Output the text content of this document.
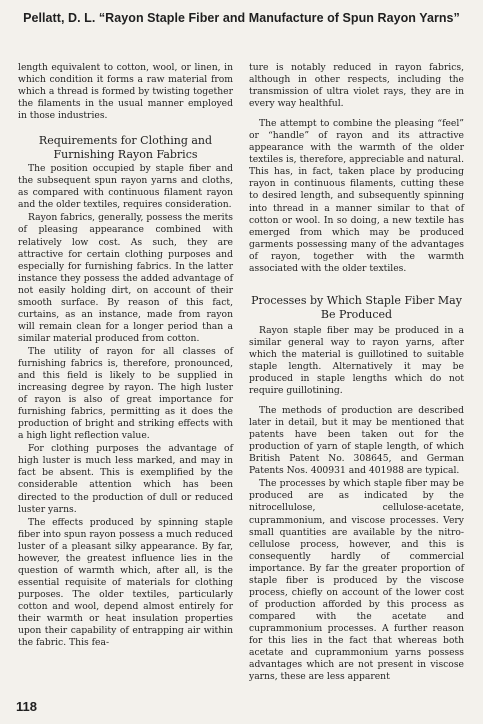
Pellatt, D. L. “Rayon Staple Fiber and Manufacture of Spun Rayon Yarns”

length equivalent to cotton, wool, or linen, in which condition it forms a raw material from which a thread is formed by twisting together the filaments in the usual manner employed in those industries.

Requirements for Clothing and Furnishing Rayon Fabrics

The position occupied by staple fiber and the subsequent spun rayon yarns and cloths, as compared with continuous filament rayon and the older textiles, requires consideration.

Rayon fabrics, generally, possess the merits of pleasing appearance combined with relatively low cost. As such, they are attractive for certain clothing purposes and especially for furnishing fabrics. In the latter instance they possess the added advantage of not easily holding dirt, on account of their smooth surface. By reason of this fact, curtains, as an instance, made from rayon will remain clean for a longer period than a similar material produced from cotton.

The utility of rayon for all classes of furnishing fabrics is, therefore, pronounced, and this field is likely to be supplied in increasing degree by rayon. The high luster of rayon is also of great importance for furnishing fabrics, permitting as it does the production of bright and striking effects with a high light reflection value.

For clothing purposes the advantage of high luster is much less marked, and may in fact be absent. This is exemplified by the considerable attention which has been directed to the production of dull or reduced luster yarns.

The effects produced by spinning staple fiber into spun rayon possess a much reduced luster of a pleasant silky appearance. By far, however, the greatest influence lies in the question of warmth which, after all, is the essential requisite of materials for clothing purposes. The older textiles, particularly cotton and wool, depend almost entirely for their warmth or heat insulation properties upon their capability of entrapping air within the fabric. This fea-

ture is notably reduced in rayon fabrics, although in other respects, including the transmission of ultra violet rays, they are in every way healthful.

The attempt to combine the pleasing “feel” or “handle” of rayon and its attractive appearance with the warmth of the older textiles is, therefore, appreciable and natural. This has, in fact, taken place by producing rayon in continuous filaments, cutting these to desired length, and subsequently spinning into thread in a manner similar to that of cotton or wool. In so doing, a new textile has emerged from which may be produced garments possessing many of the advantages of rayon, together with the warmth associated with the older textiles.

Processes by Which Staple Fiber May Be Produced

Rayon staple fiber may be produced in a similar general way to rayon yarns, after which the material is guillotined to suitable staple length. Alternatively it may be produced in staple lengths which do not require guillotining.

The methods of production are described later in detail, but it may be mentioned that patents have been taken out for the production of yarn of staple length, of which British Patent No. 308645, and German Patents Nos. 400931 and 401988 are typical.

The processes by which staple fiber may be produced are as indicated by the nitrocellulose, cellulose-acetate, cuprammonium, and viscose processes. Very small quantities are available by the nitro-cellulose process, however, and this is consequently hardly of commercial importance. By far the greater proportion of staple fiber is produced by the viscose process, chiefly on account of the lower cost of production afforded by this process as compared with the acetate and cuprammonium processes. A further reason for this lies in the fact that whereas both acetate and cuprammonium yarns possess advantages which are not present in viscose yarns, these are less apparent

118
